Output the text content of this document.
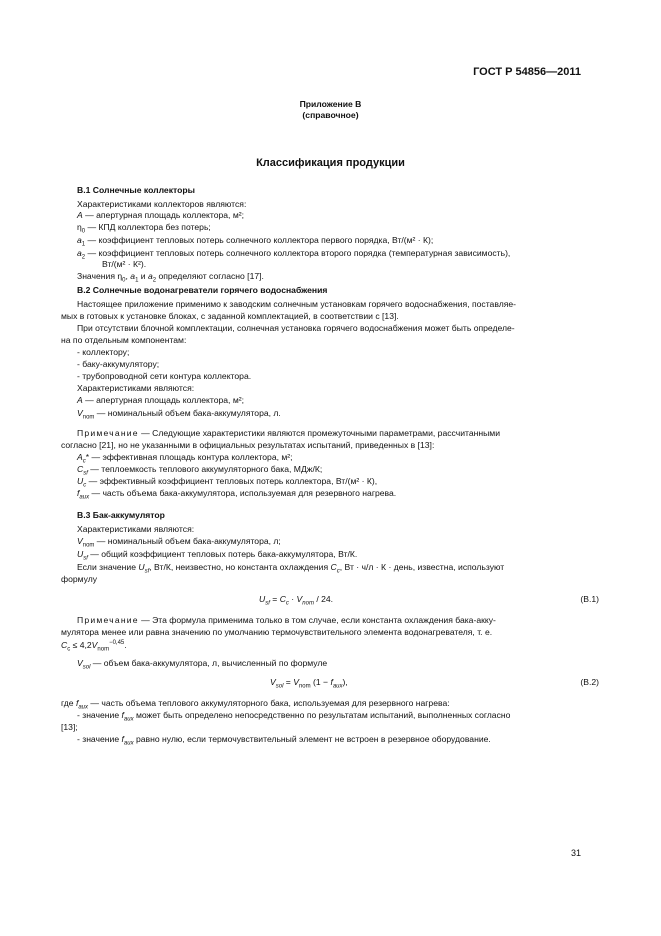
ГОСТ Р 54856—2011
Приложение В
(справочное)
Классификация продукции
В.1 Солнечные коллекторы
Характеристиками коллекторов являются:
A — апертурная площадь коллектора, м²;
$\eta_0$ — КПД коллектора без потерь;
$a_1$ — коэффициент тепловых потерь солнечного коллектора первого порядка, Вт/(м² · К);
$a_2$ — коэффициент тепловых потерь солнечного коллектора второго порядка (температурная зависимость),
Вт/(м² · К²).
Значения $\eta_0$, $a_1$ и $a_2$ определяют согласно [17].
В.2 Солнечные водонагреватели горячего водоснабжения
Настоящее приложение применимо к заводским солнечным установкам горячего водоснабжения, поставляе-
мых в готовых к установке блоках, с заданной комплектацией, в соответствии с [13].
При отсутствии блочной комплектации, солнечная установка горячего водоснабжения может быть определе-
на по отдельным компонентам:
- коллектору;
- баку-аккумулятору;
- трубопроводной сети контура коллектора.
Характеристиками являются:
A — апертурная площадь коллектора, м²;
$V_{nom}$ — номинальный объем бака-аккумулятора, л.
Примечание — Следующие характеристики являются промежуточными параметрами, рассчитанными
согласно [21], но не указанными в официальных результатах испытаний, приведенных в [13]:
$A_c*$ — эффективная площадь контура коллектора, м²;
$C_{sf}$ — теплоемкость теплового аккумуляторного бака, МДж/К;
$U_c$ — эффективный коэффициент тепловых потерь коллектора, Вт/(м² · К),
$f_{aux}$ — часть объема бака-аккумулятора, используемая для резервного нагрева.
В.3 Бак-аккумулятор
Характеристиками являются:
$V_{nom}$ — номинальный объем бака-аккумулятора, л;
$U_{sf}$ — общий коэффициент тепловых потерь бака-аккумулятора, Вт/К.
Если значение $U_{sf}$, Вт/К, неизвестно, но константа охлаждения $C_c$, Вт · ч/л · К · день, известна, используют
формулу
$U_{sf} = C_c \cdot V_{nom} / 24$.	(В.1)
Примечание — Эта формула применима только в том случае, если константа охлаждения бака-акку-
мулятора менее или равна значению по умолчанию термочувствительного элемента водонагревателя, т. е.
$C_c \le 4,2V_{nom}^{-0,45}$.
$V_{sol}$ — объем бака-аккумулятора, л, вычисленный по формуле
$V_{sol} = V_{nom}$ $(1 - f_{aux})$,	(В.2)
где $f_{aux}$ — часть объема теплового аккумуляторного бака, используемая для резервного нагрева:
- значение $f_{aux}$ может быть определено непосредственно по результатам испытаний, выполненных согласно
[13];
- значение $f_{aux}$ равно нулю, если термочувствительный элемент не встроен в резервное оборудование.
31
